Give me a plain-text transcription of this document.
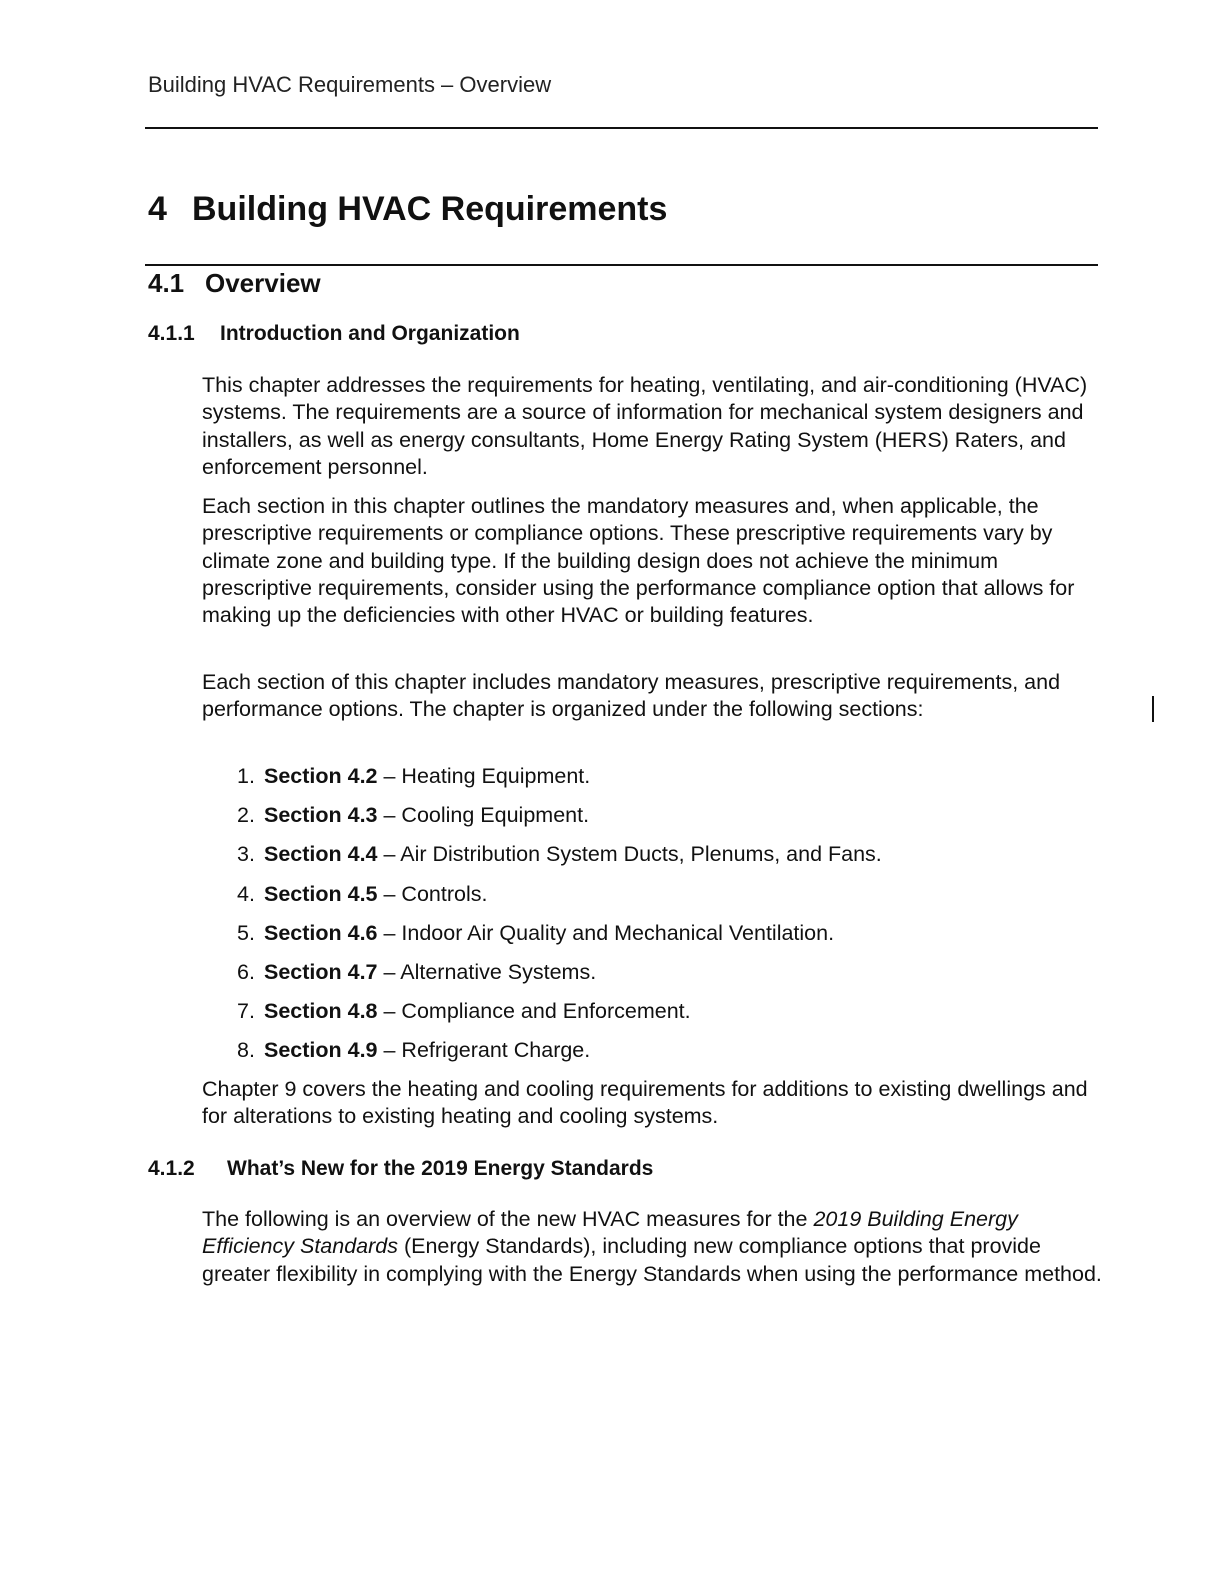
Building HVAC Requirements – Overview
4 Building HVAC Requirements
4.1 Overview
4.1.1 Introduction and Organization

This chapter addresses the requirements for heating, ventilating, and air-conditioning (HVAC) systems. The requirements are a source of information for mechanical system designers and installers, as well as energy consultants, Home Energy Rating System (HERS) Raters, and enforcement personnel.

Each section in this chapter outlines the mandatory measures and, when applicable, the prescriptive requirements or compliance options. These prescriptive requirements vary by climate zone and building type. If the building design does not achieve the minimum prescriptive requirements, consider using the performance compliance option that allows for making up the deficiencies with other HVAC or building features.

Each section of this chapter includes mandatory measures, prescriptive requirements, and performance options. The chapter is organized under the following sections:

1. Section 4.2 – Heating Equipment.
2. Section 4.3 – Cooling Equipment.
3. Section 4.4 – Air Distribution System Ducts, Plenums, and Fans.
4. Section 4.5 – Controls.
5. Section 4.6 – Indoor Air Quality and Mechanical Ventilation.
6. Section 4.7 – Alternative Systems.
7. Section 4.8 – Compliance and Enforcement.
8. Section 4.9 – Refrigerant Charge.

Chapter 9 covers the heating and cooling requirements for additions to existing dwellings and for alterations to existing heating and cooling systems.

4.1.2 What’s New for the 2019 Energy Standards

The following is an overview of the new HVAC measures for the 2019 Building Energy Efficiency Standards (Energy Standards), including new compliance options that provide greater flexibility in complying with the Energy Standards when using the performance method.
